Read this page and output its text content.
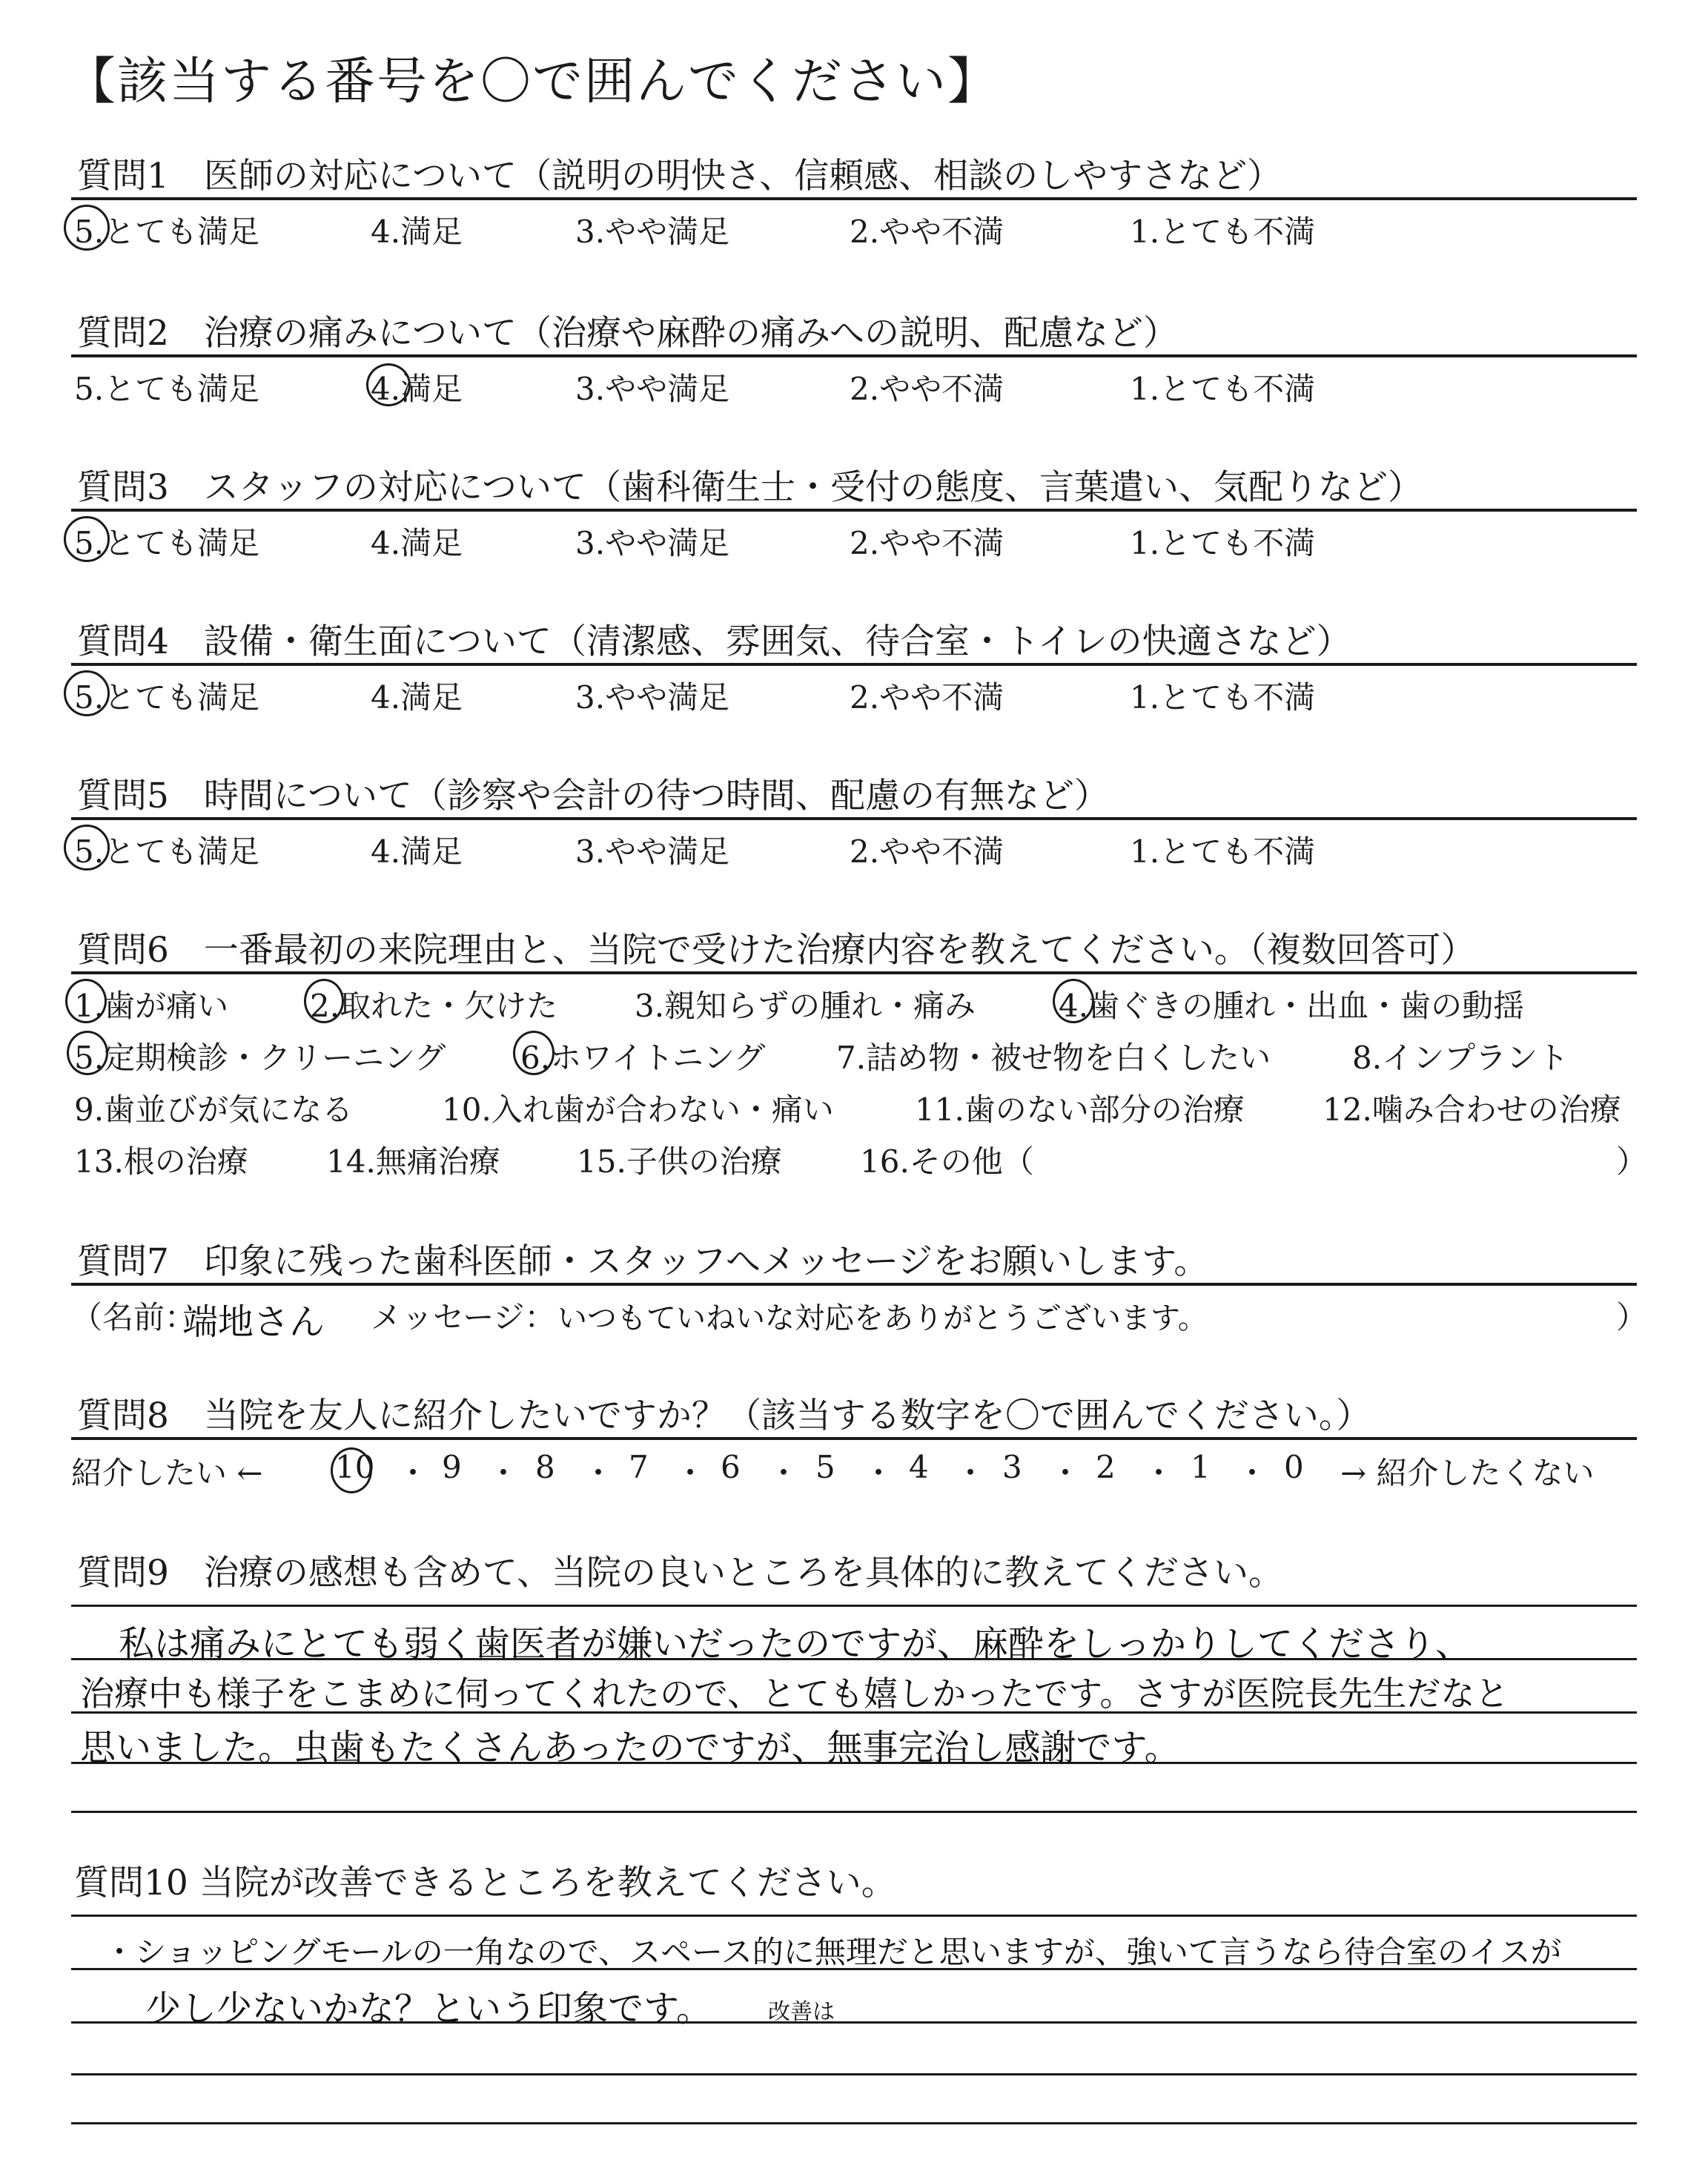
【該当する番号を〇で囲んでください】
質問1　医師の対応について（説明の明快さ、信頼感、相談のしやすさなど）
5.とても満足	4.満足	3.やや満足	2.やや不満	1.とても不満
質問2　治療の痛みについて（治療や麻酔の痛みへの説明、配慮など）
5.とても満足	4.満足	3.やや満足	2.やや不満	1.とても不満
質問3　スタッフの対応について（歯科衛生士・受付の態度、言葉遣い、気配りなど）
5.とても満足	4.満足	3.やや満足	2.やや不満	1.とても不満
質問4　設備・衛生面について（清潔感、雰囲気、待合室・トイレの快適さなど）
5.とても満足	4.満足	3.やや満足	2.やや不満	1.とても不満
質問5　時間について（診察や会計の待つ時間、配慮の有無など）
5.とても満足	4.満足	3.やや満足	2.やや不満	1.とても不満
質問6　一番最初の来院理由と、当院で受けた治療内容を教えてください。（複数回答可）
1.歯が痛い	2.取れた・欠けた 3.親知らずの腫れ・痛み	4.歯ぐきの腫れ・出血・歯の動揺
5.定期検診・クリーニング 6.ホワイトニング 7.詰め物・被せ物を白くしたい	8.インプラント
9.歯並びが気になる	10.入れ歯が合わない・痛い	11.歯のない部分の治療	12.噛み合わせの治療
13.根の治療	14.無痛治療 15.子供の治療	16.その他（	）
質問7　印象に残った歯科医師・スタッフへメッセージをお願いします。
（名前：
端地さん メッセージ： いつもていねいな対応をありがとうございます。	）
質問8　当院を友人に紹介したいですか？（該当する数字を〇で囲んでください。）
紹介したい ← 10 ・ 9 ・ 8 ・ 7 ・ 6 ・ 5 ・ 4 ・ 3 ・ 2 ・ 1 ・ 0 → 紹介したくない
質問9　治療の感想も含めて、当院の良いところを具体的に教えてください。
私は痛みにとても弱く歯医者が嫌いだったのですが、麻酔をしっかりしてくださり、
治療中も様子をこまめに伺ってくれたので、とても嬉しかったです。さすが医院長先生だなと
思いました。虫歯もたくさんあったのですが、無事完治し感謝です。
質問10 当院が改善できるところを教えてください。
・ショッピングモールの一角なので、スペース的に無理だと思いますが、強いて言うなら待合室のイスが
少し少ないかな？という印象です。	改善は
